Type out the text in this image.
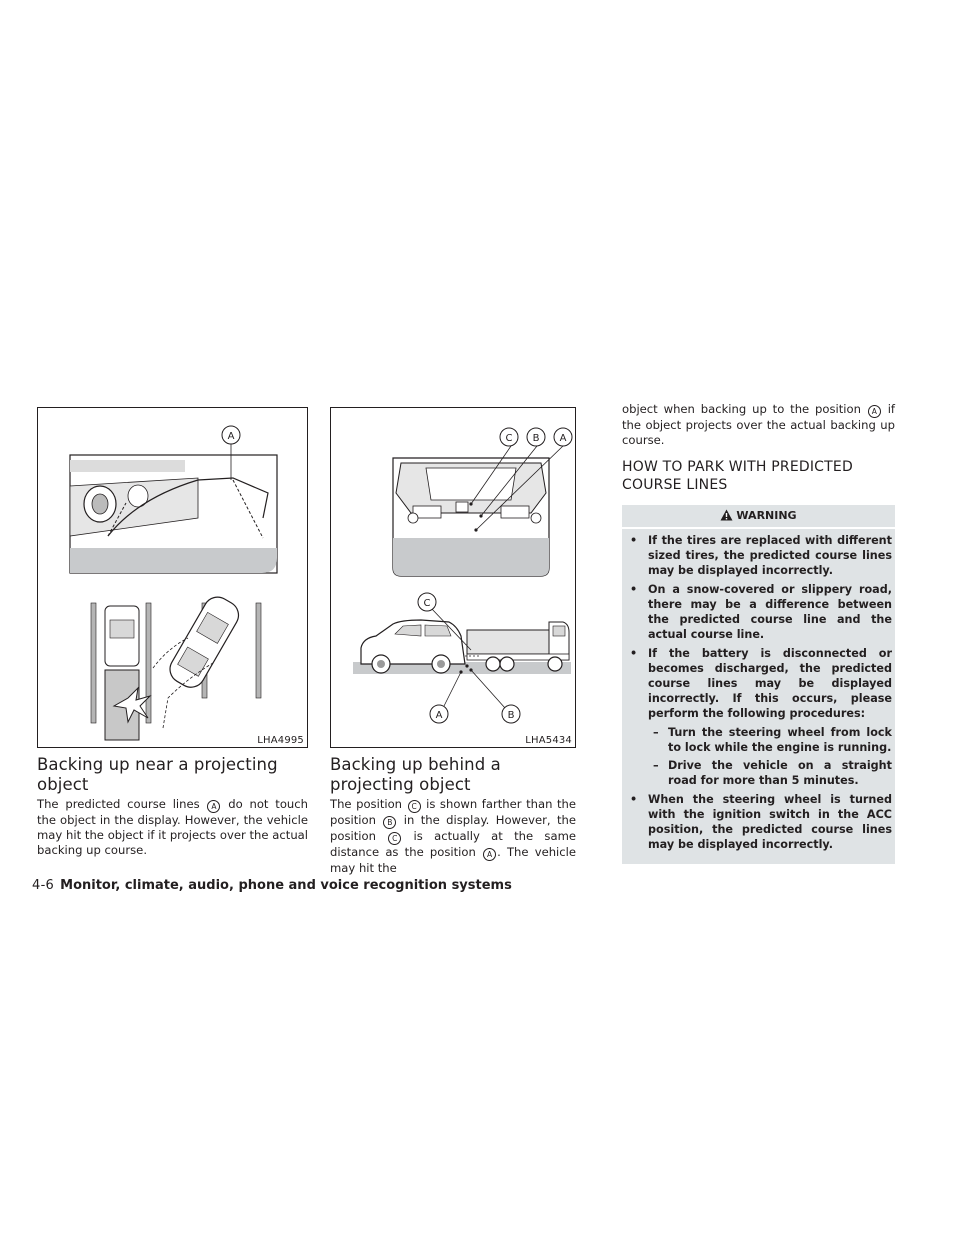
A
LHA4995
C B A
C
A	B
LHA5434
Backing up near a projecting object

The predicted course lines A do not touch the object in the display. However, the vehicle may hit the object if it projects over the actual backing up course.

Backing up behind a projecting object

The position C is shown farther than the position B in the display. However, the position C is actually at the same distance as the position A . The vehicle may hit the

object when backing up to the position A if the object projects over the actual backing up course.

HOW TO PARK WITH PREDICTED COURSE LINES
WARNING
• If the tires are replaced with different sized tires, the predicted course lines may be displayed incorrectly.
• On a snow-covered or slippery road, there may be a difference between the predicted course line and the actual course line.
• If the battery is disconnected or becomes discharged, the predicted course lines may be displayed incorrectly. If this occurs, please perform the following procedures:
– Turn the steering wheel from lock to lock while the engine is running.
– Drive the vehicle on a straight road for more than 5 minutes.
• When the steering wheel is turned with the ignition switch in the ACC position, the predicted course lines may be displayed incorrectly.
4-6 Monitor, climate, audio, phone and voice recognition systems
